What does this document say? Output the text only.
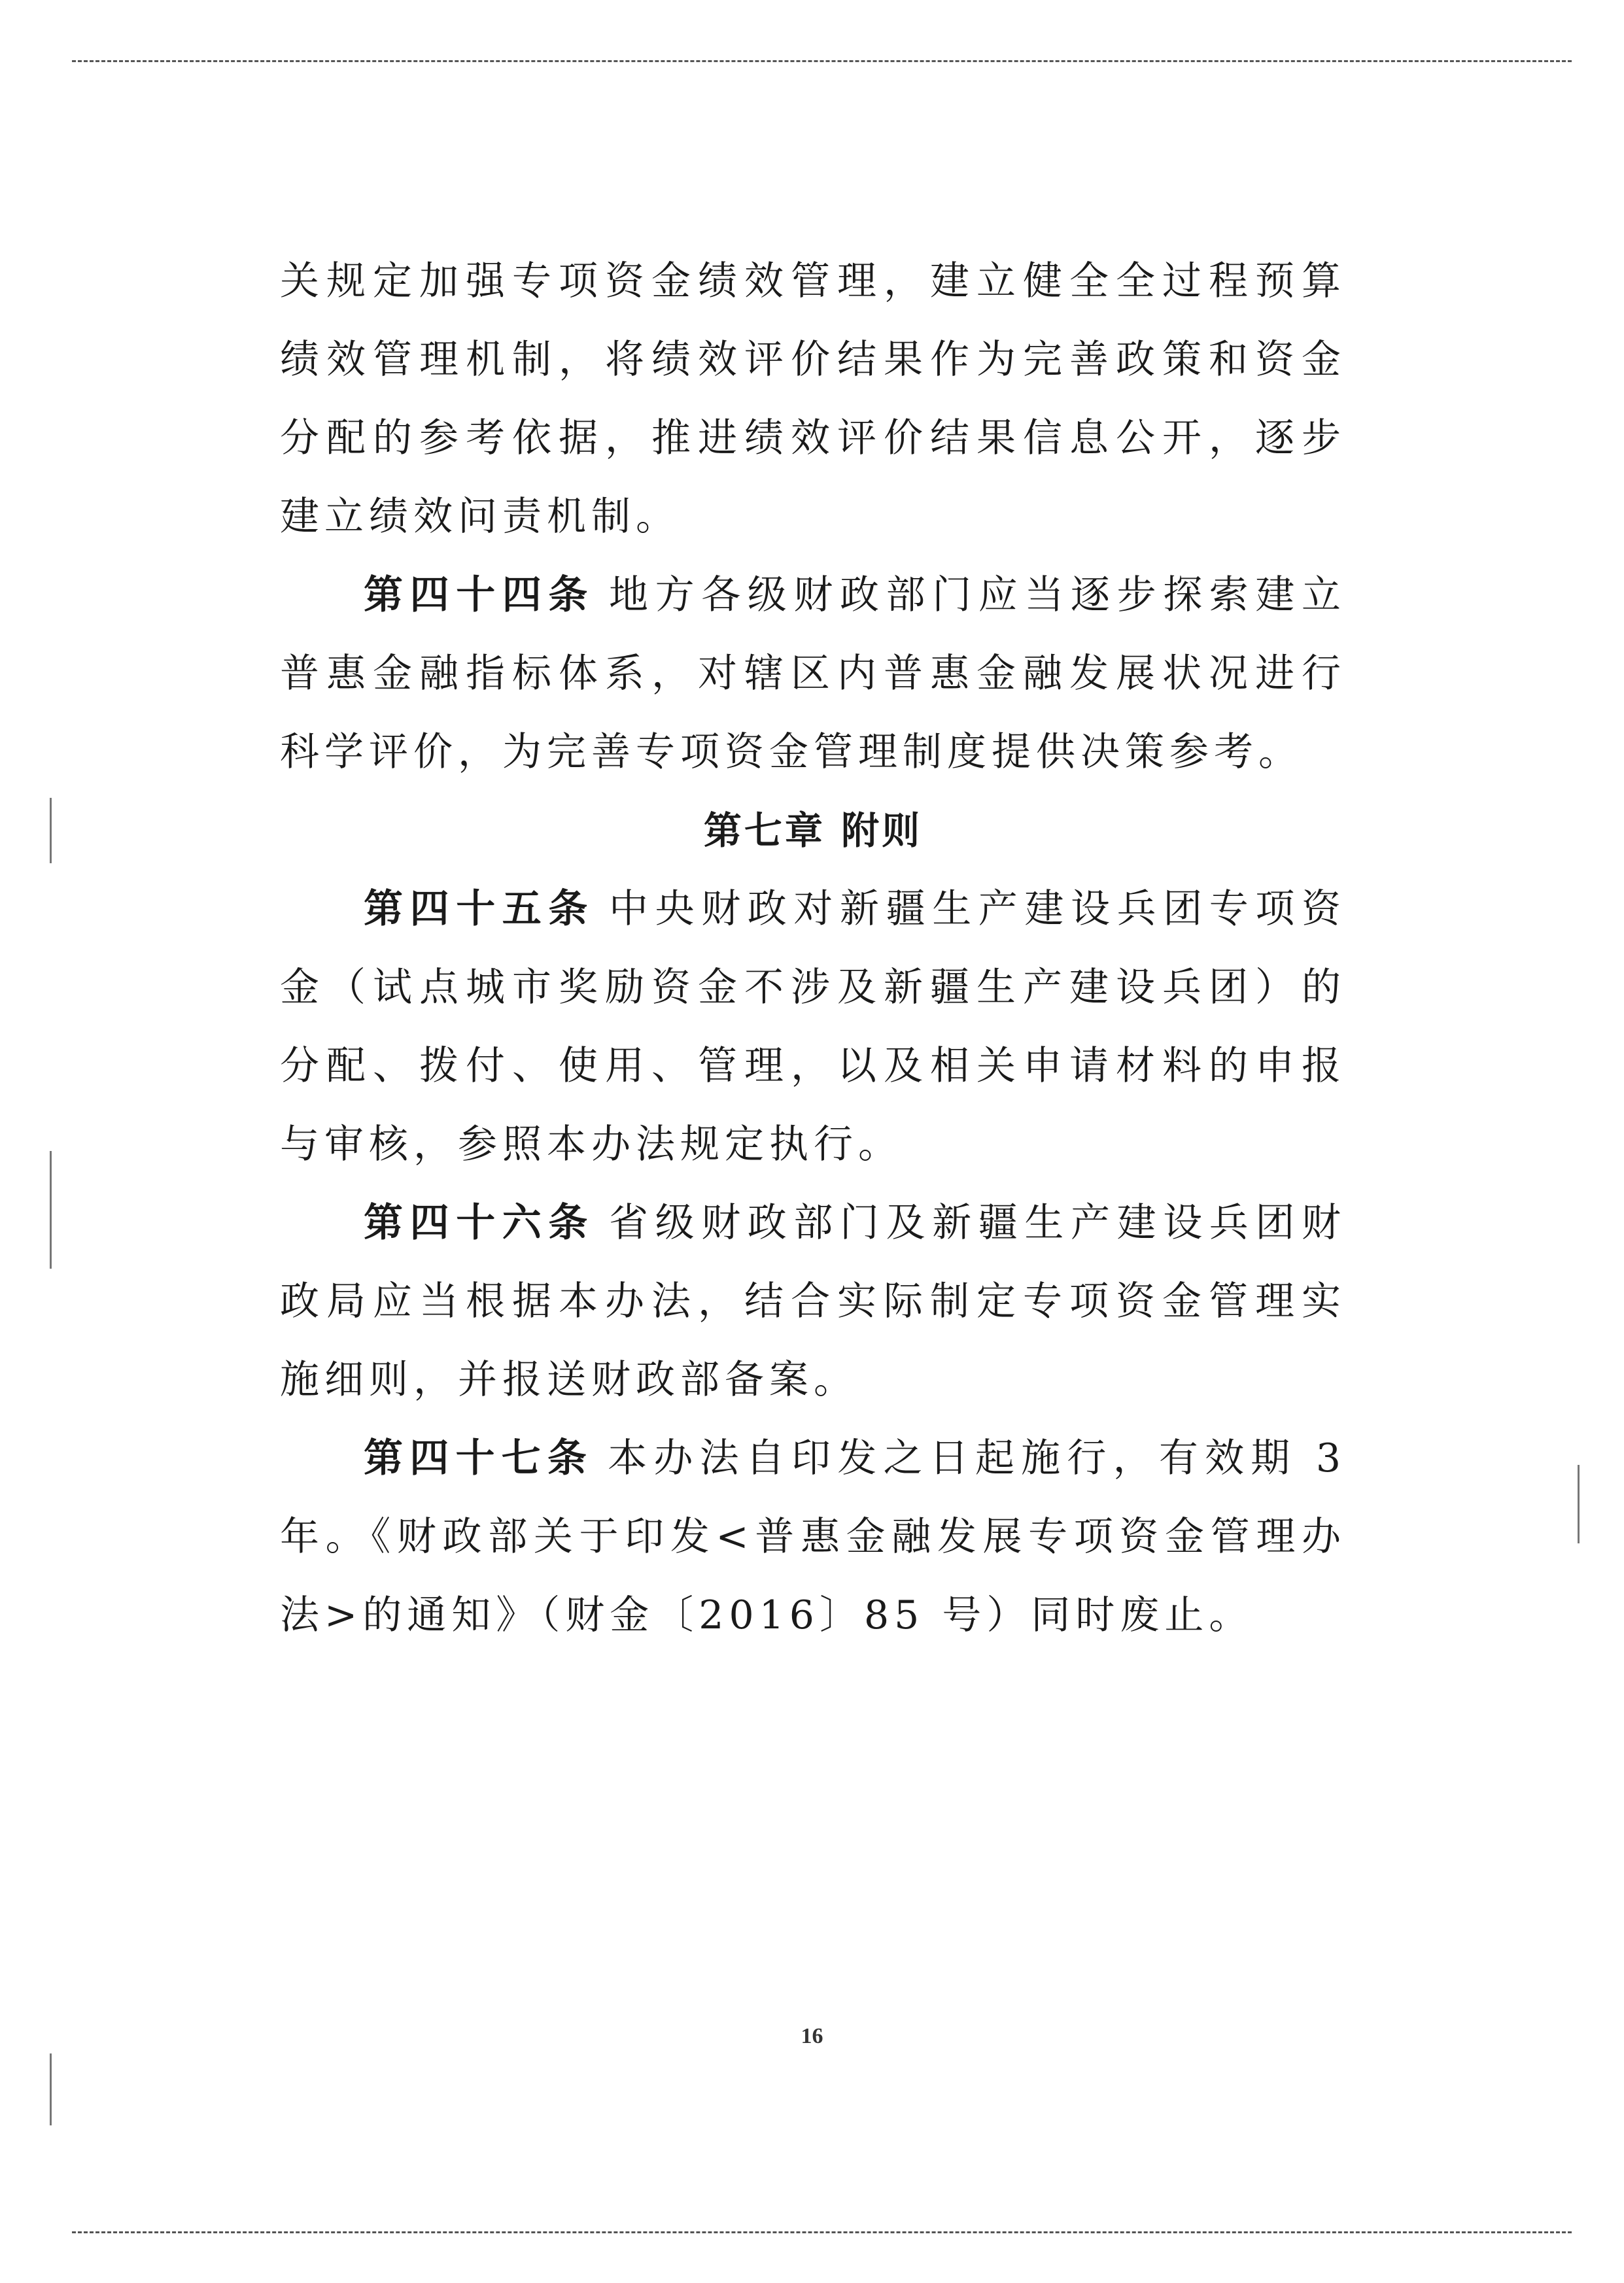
关规定加强专项资金绩效管理，建立健全全过程预算绩效管理机制，将绩效评价结果作为完善政策和资金分配的参考依据，推进绩效评价结果信息公开，逐步建立绩效问责机制。

第四十四条 地方各级财政部门应当逐步探索建立普惠金融指标体系，对辖区内普惠金融发展状况进行科学评价，为完善专项资金管理制度提供决策参考。

第七章 附则

第四十五条 中央财政对新疆生产建设兵团专项资金（试点城市奖励资金不涉及新疆生产建设兵团）的分配、拨付、使用、管理，以及相关申请材料的申报与审核，参照本办法规定执行。

第四十六条 省级财政部门及新疆生产建设兵团财政局应当根据本办法，结合实际制定专项资金管理实施细则，并报送财政部备案。

第四十七条 本办法自印发之日起施行，有效期 3 年。《财政部关于印发<普惠金融发展专项资金管理办法>的通知》（财金〔2016〕85 号）同时废止。

16
